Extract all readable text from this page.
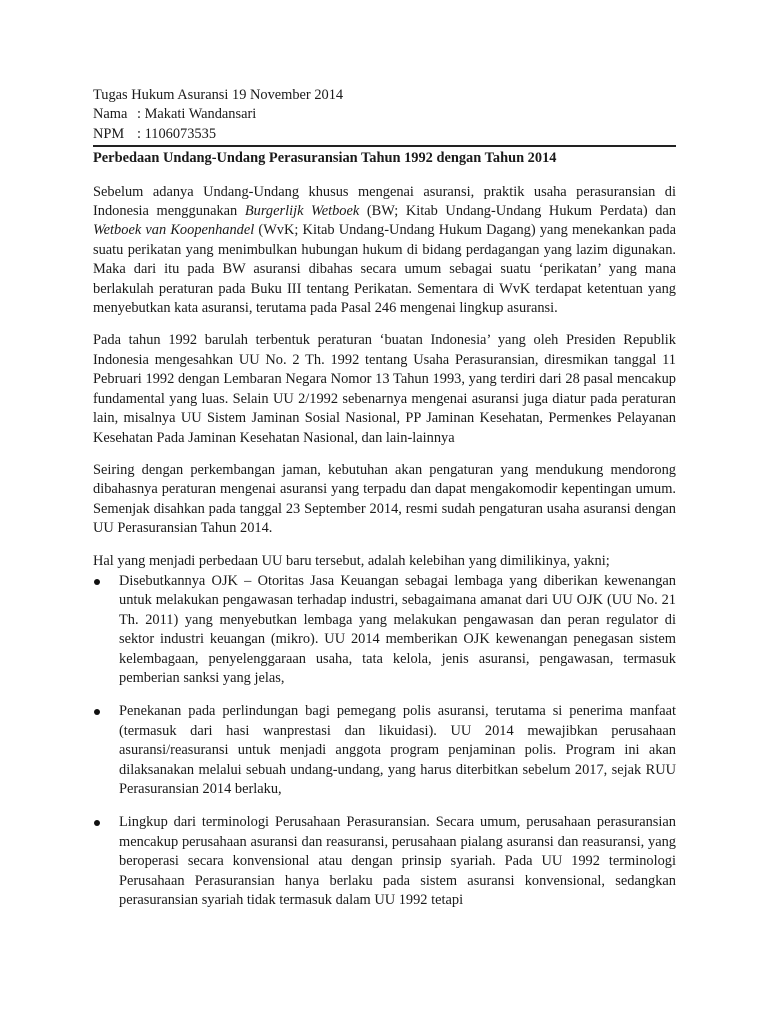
Tugas Hukum Asuransi 19 November 2014
Nama : Makati Wandansari
NPM : 1106073535
Perbedaan Undang-Undang Perasuransian Tahun 1992 dengan Tahun 2014

Sebelum adanya Undang-Undang khusus mengenai asuransi, praktik usaha perasuransian di Indonesia menggunakan Burgerlijk Wetboek (BW; Kitab Undang-Undang Hukum Perdata) dan Wetboek van Koopenhandel (WvK; Kitab Undang-Undang Hukum Dagang) yang menekankan pada suatu perikatan yang menimbulkan hubungan hukum di bidang perdagangan yang lazim digunakan. Maka dari itu pada BW asuransi dibahas secara umum sebagai suatu ‘perikatan’ yang mana berlakulah peraturan pada Buku III tentang Perikatan. Sementara di WvK terdapat ketentuan yang menyebutkan kata asuransi, terutama pada Pasal 246 mengenai lingkup asuransi.

Pada tahun 1992 barulah terbentuk peraturan ‘buatan Indonesia’ yang oleh Presiden Republik Indonesia mengesahkan UU No. 2 Th. 1992 tentang Usaha Perasuransian, diresmikan tanggal 11 Pebruari 1992 dengan Lembaran Negara Nomor 13 Tahun 1993, yang terdiri dari 28 pasal mencakup fundamental yang luas. Selain UU 2/1992 sebenarnya mengenai asuransi juga diatur pada peraturan lain, misalnya UU Sistem Jaminan Sosial Nasional, PP Jaminan Kesehatan, Permenkes Pelayanan Kesehatan Pada Jaminan Kesehatan Nasional, dan lain-lainnya

Seiring dengan perkembangan jaman, kebutuhan akan pengaturan yang mendukung mendorong dibahasnya peraturan mengenai asuransi yang terpadu dan dapat mengakomodir kepentingan umum. Semenjak disahkan pada tanggal 23 September 2014, resmi sudah pengaturan usaha asuransi dengan UU Perasuransian Tahun 2014.

Hal yang menjadi perbedaan UU baru tersebut, adalah kelebihan yang dimilikinya, yakni;

Disebutkannya OJK – Otoritas Jasa Keuangan sebagai lembaga yang diberikan kewenangan untuk melakukan pengawasan terhadap industri, sebagaimana amanat dari UU OJK (UU No. 21 Th. 2011) yang menyebutkan lembaga yang melakukan pengawasan dan peran regulator di sektor industri keuangan (mikro). UU 2014 memberikan OJK kewenangan penegasan sistem kelembagaan, penyelenggaraan usaha, tata kelola, jenis asuransi, pengawasan, termasuk pemberian sanksi yang jelas,
Penekanan pada perlindungan bagi pemegang polis asuransi, terutama si penerima manfaat (termasuk dari hasi wanprestasi dan likuidasi). UU 2014 mewajibkan perusahaan asuransi/reasuransi untuk menjadi anggota program penjaminan polis. Program ini akan dilaksanakan melalui sebuah undang-undang, yang harus diterbitkan sebelum 2017, sejak RUU Perasuransian 2014 berlaku,
Lingkup dari terminologi Perusahaan Perasuransian. Secara umum, perusahaan perasuransian mencakup perusahaan asuransi dan reasuransi, perusahaan pialang asuransi dan reasuransi, yang beroperasi secara konvensional atau dengan prinsip syariah. Pada UU 1992 terminologi Perusahaan Perasuransian hanya berlaku pada sistem asuransi konvensional, sedangkan perasuransian syariah tidak termasuk dalam UU 1992 tetapi
